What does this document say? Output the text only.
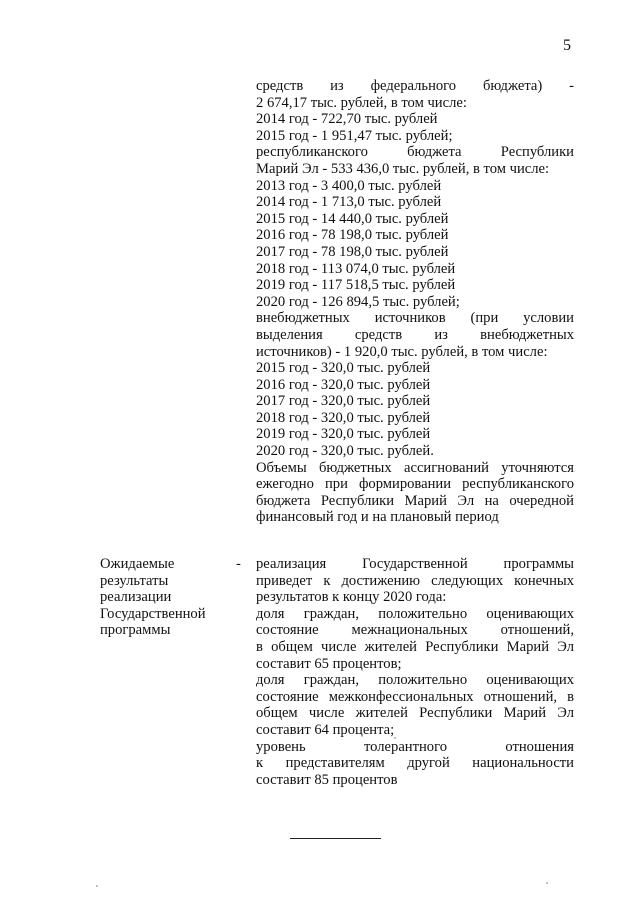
5
средств из федерального бюджета) -
2 674,17 тыс. рублей, в том числе:
2014 год - 722,70 тыс. рублей
2015 год - 1 951,47 тыс. рублей;
республиканского бюджета Республики
Марий Эл - 533 436,0 тыс. рублей, в том числе:
2013 год - 3 400,0 тыс. рублей
2014 год - 1 713,0 тыс. рублей
2015 год - 14 440,0 тыс. рублей
2016 год - 78 198,0 тыс. рублей
2017 год - 78 198,0 тыс. рублей
2018 год - 113 074,0 тыс. рублей
2019 год - 117 518,5 тыс. рублей
2020 год - 126 894,5 тыс. рублей;
внебюджетных источников (при условии
выделения средств из внебюджетных
источников) - 1 920,0 тыс. рублей, в том числе:
2015 год - 320,0 тыс. рублей
2016 год - 320,0 тыс. рублей
2017 год - 320,0 тыс. рублей
2018 год - 320,0 тыс. рублей
2019 год - 320,0 тыс. рублей
2020 год - 320,0 тыс. рублей.
Объемы бюджетных ассигнований уточняются
ежегодно при формировании республиканского
бюджета Республики Марий Эл на очередной
финансовый год и на плановый период
Ожидаемые
результаты
реализации
Государственной
программы
- реализация Государственной программы
приведет к достижению следующих конечных
результатов к концу 2020 года:
доля граждан, положительно оценивающих
состояние межнациональных отношений,
в общем числе жителей Республики Марий Эл
составит 65 процентов;
доля граждан, положительно оценивающих
состояние межконфессиональных отношений, в
общем числе жителей Республики Марий Эл
составит 64 процента;
уровень толерантного отношения
к представителям другой национальности
составит 85 процентов
